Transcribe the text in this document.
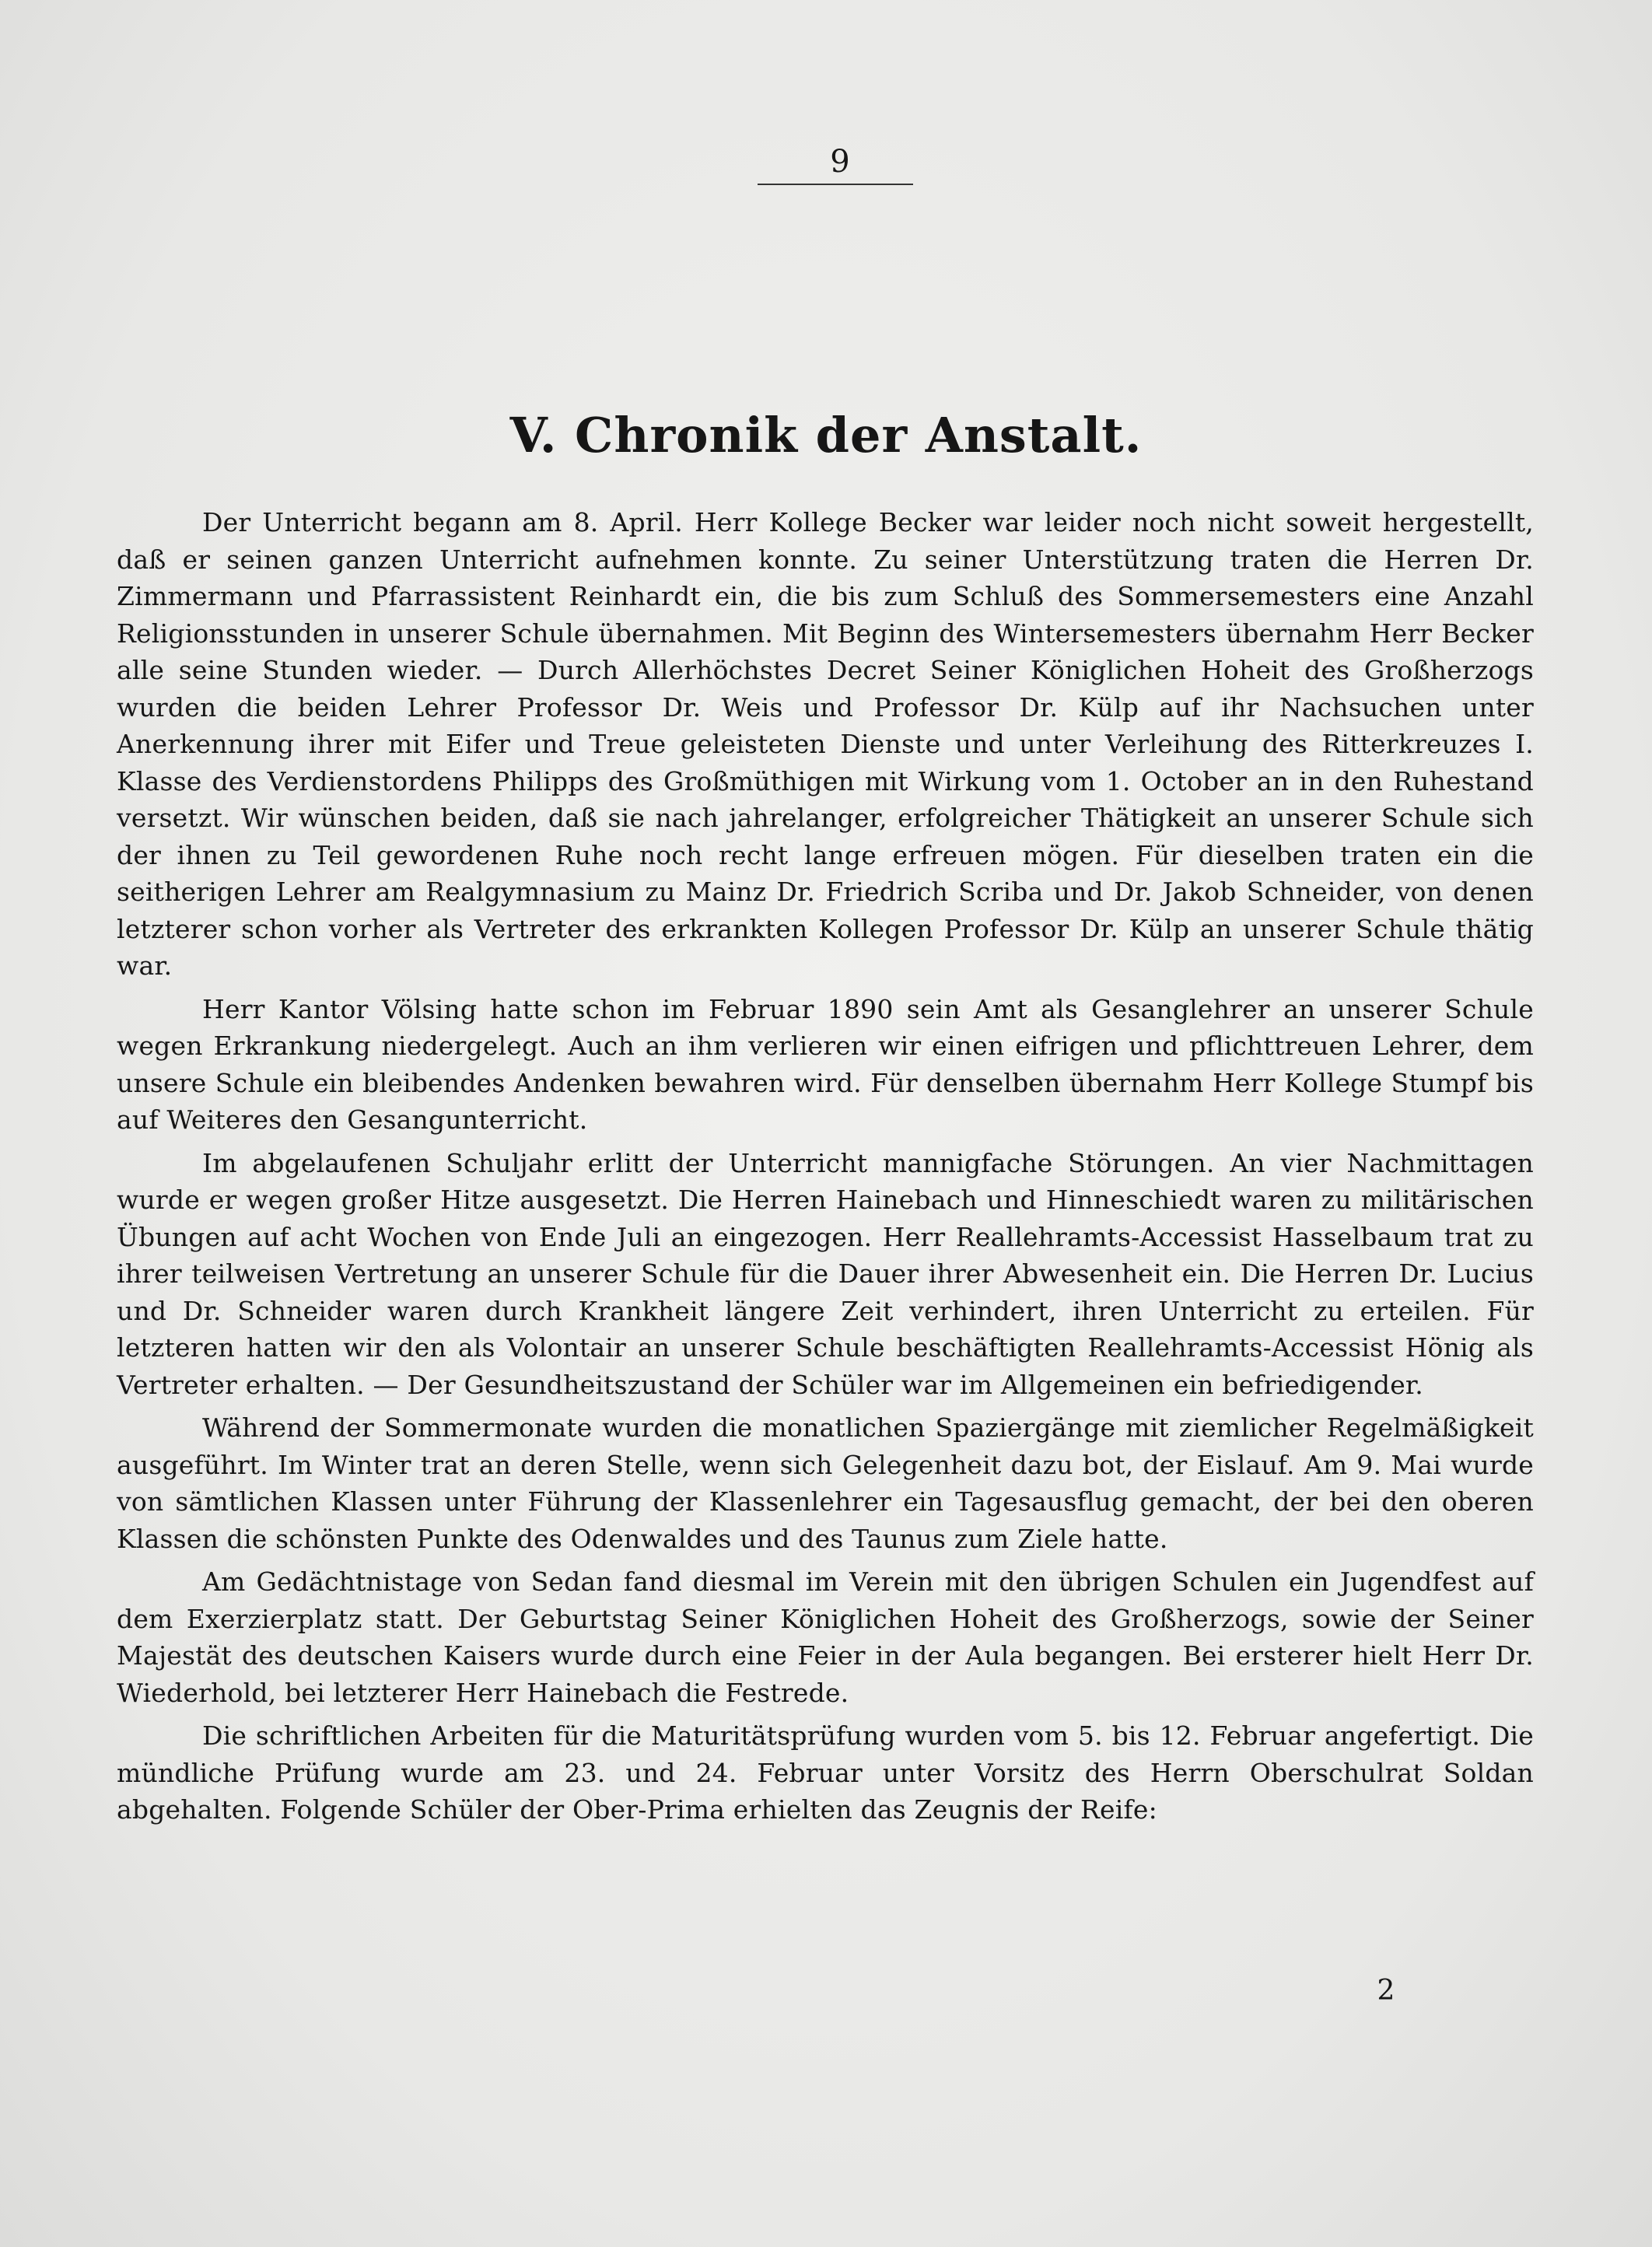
9
V. Chronik der Anstalt.

Der Unterricht begann am 8. April. Herr Kollege Becker war leider noch nicht soweit hergestellt, daß er seinen ganzen Unterricht aufnehmen konnte. Zu seiner Unterstützung traten die Herren Dr. Zimmermann und Pfarrassistent Reinhardt ein, die bis zum Schluß des Sommersemesters eine Anzahl Religionsstunden in unserer Schule übernahmen. Mit Beginn des Wintersemesters übernahm Herr Becker alle seine Stunden wieder. — Durch Allerhöchstes Decret Seiner Königlichen Hoheit des Großherzogs wurden die beiden Lehrer Professor Dr. Weis und Professor Dr. Külp auf ihr Nachsuchen unter Anerkennung ihrer mit Eifer und Treue geleisteten Dienste und unter Verleihung des Ritterkreuzes I. Klasse des Verdienstordens Philipps des Großmüthigen mit Wirkung vom 1. October an in den Ruhestand versetzt. Wir wünschen beiden, daß sie nach jahrelanger, erfolgreicher Thätigkeit an unserer Schule sich der ihnen zu Teil gewordenen Ruhe noch recht lange erfreuen mögen. Für dieselben traten ein die seitherigen Lehrer am Realgymnasium zu Mainz Dr. Friedrich Scriba und Dr. Jakob Schneider, von denen letzterer schon vorher als Vertreter des erkrankten Kollegen Professor Dr. Külp an unserer Schule thätig war.

Herr Kantor Völsing hatte schon im Februar 1890 sein Amt als Gesanglehrer an unserer Schule wegen Erkrankung niedergelegt. Auch an ihm verlieren wir einen eifrigen und pflichttreuen Lehrer, dem unsere Schule ein bleibendes Andenken bewahren wird. Für denselben übernahm Herr Kollege Stumpf bis auf Weiteres den Gesangunterricht.

Im abgelaufenen Schuljahr erlitt der Unterricht mannigfache Störungen. An vier Nachmittagen wurde er wegen großer Hitze ausgesetzt. Die Herren Hainebach und Hinneschiedt waren zu militärischen Übungen auf acht Wochen von Ende Juli an eingezogen. Herr Reallehramts-Accessist Hasselbaum trat zu ihrer teilweisen Vertretung an unserer Schule für die Dauer ihrer Abwesenheit ein. Die Herren Dr. Lucius und Dr. Schneider waren durch Krankheit längere Zeit verhindert, ihren Unterricht zu erteilen. Für letzteren hatten wir den als Volontair an unserer Schule beschäftigten Reallehramts-Accessist Hönig als Vertreter erhalten. — Der Gesundheitszustand der Schüler war im Allgemeinen ein befriedigender.

Während der Sommermonate wurden die monatlichen Spaziergänge mit ziemlicher Regelmäßigkeit ausgeführt. Im Winter trat an deren Stelle, wenn sich Gelegenheit dazu bot, der Eislauf. Am 9. Mai wurde von sämtlichen Klassen unter Führung der Klassenlehrer ein Tagesausflug gemacht, der bei den oberen Klassen die schönsten Punkte des Odenwaldes und des Taunus zum Ziele hatte.

Am Gedächtnistage von Sedan fand diesmal im Verein mit den übrigen Schulen ein Jugendfest auf dem Exerzierplatz statt. Der Geburtstag Seiner Königlichen Hoheit des Großherzogs, sowie der Seiner Majestät des deutschen Kaisers wurde durch eine Feier in der Aula begangen. Bei ersterer hielt Herr Dr. Wiederhold, bei letzterer Herr Hainebach die Festrede.

Die schriftlichen Arbeiten für die Maturitätsprüfung wurden vom 5. bis 12. Februar angefertigt. Die mündliche Prüfung wurde am 23. und 24. Februar unter Vorsitz des Herrn Oberschulrat Soldan abgehalten. Folgende Schüler der Ober-Prima erhielten das Zeugnis der Reife:

2
